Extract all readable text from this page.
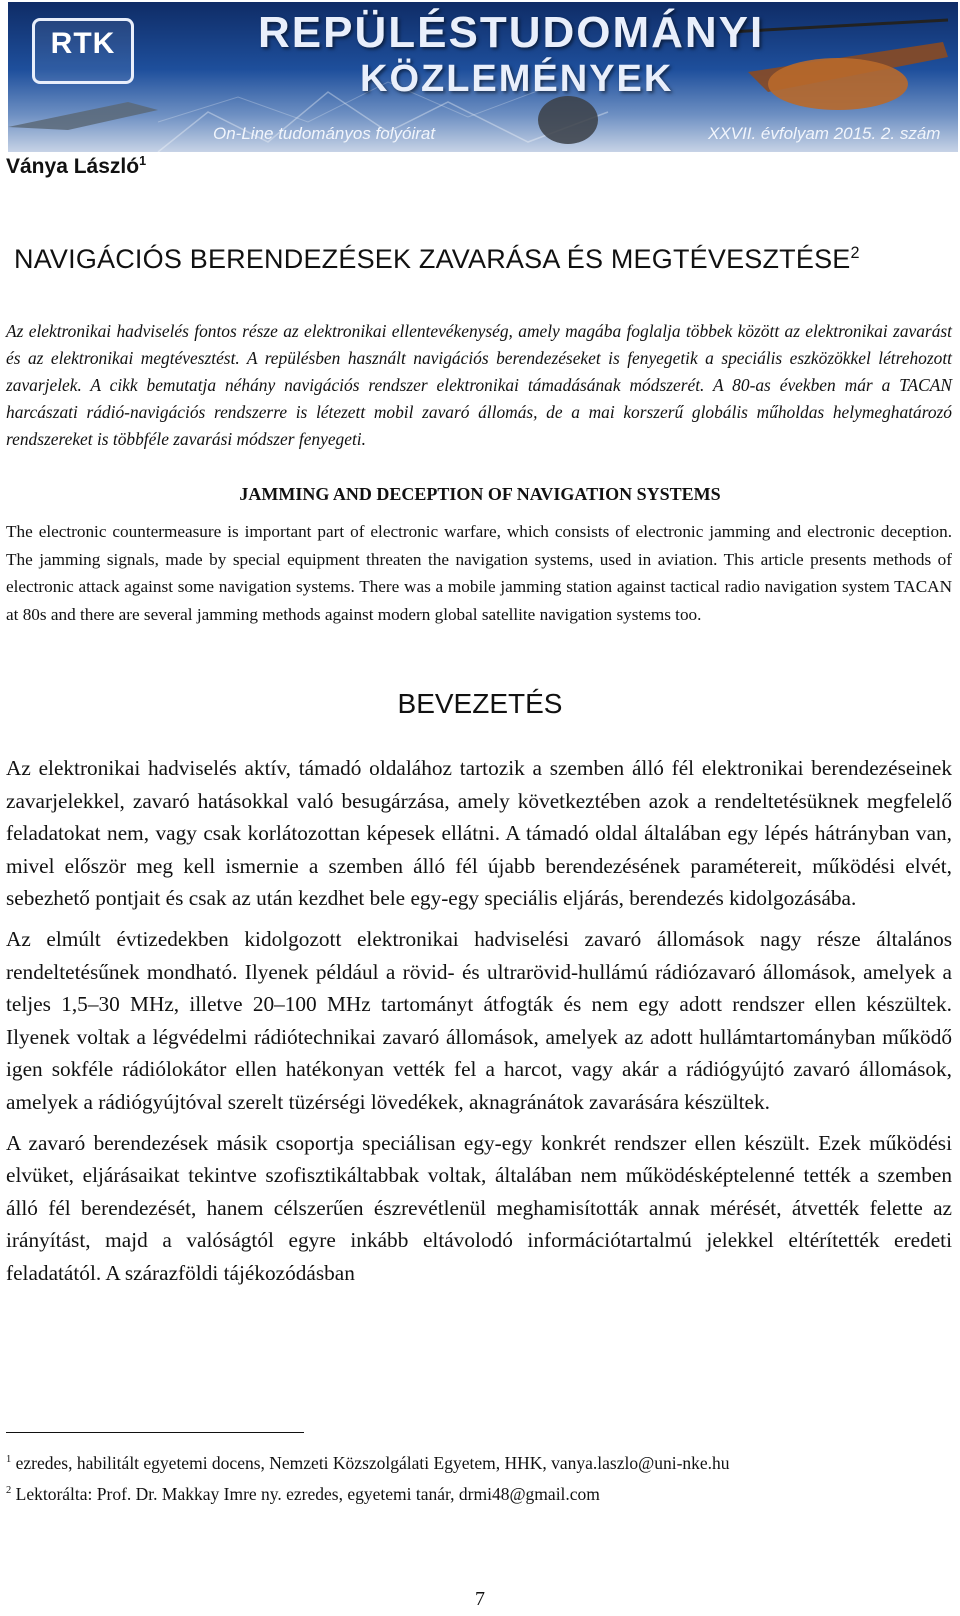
RTK	REPÜLÉSTUDOMÁNYI
KÖZLEMÉNYEK
On-Line tudományos folyóirat	XXVII. évfolyam 2015. 2. szám
Ványa László$^1$
NAVIGÁCIÓS BERENDEZÉSEK ZAVARÁSA ÉS MEGTÉVESZTÉSE$^2$
Az elektronikai hadviselés fontos része az elektronikai ellentevékenység, amely magába foglalja többek között az elektronikai zavarást és az elektronikai megtévesztést. A repülésben használt navigációs berendezéseket is fenyegetik a speciális eszközökkel létrehozott zavarjelek. A cikk bemutatja néhány navigációs rendszer elektronikai támadásának módszerét. A 80-as években már a TACAN harcászati rádió-navigációs rendszerre is létezett mobil zavaró állomás, de a mai korszerű globális műholdas helymeghatározó rendszereket is többféle zavarási módszer fenyegeti.
JAMMING AND DECEPTION OF NAVIGATION SYSTEMS
The electronic countermeasure is important part of electronic warfare, which consists of electronic jamming and electronic deception. The jamming signals, made by special equipment threaten the navigation systems, used in aviation. This article presents methods of electronic attack against some navigation systems. There was a mobile jamming station against tactical radio navigation system TACAN at 80s and there are several jamming methods against modern global satellite navigation systems too.
BEVEZETÉS

Az elektronikai hadviselés aktív, támadó oldalához tartozik a szemben álló fél elektronikai berendezéseinek zavarjelekkel, zavaró hatásokkal való besugárzása, amely következtében azok a rendeltetésüknek megfelelő feladatokat nem, vagy csak korlátozottan képesek ellátni. A támadó oldal általában egy lépés hátrányban van, mivel először meg kell ismernie a szemben álló fél újabb berendezésének paramétereit, működési elvét, sebezhető pontjait és csak az után kezdhet bele egy-egy speciális eljárás, berendezés kidolgozásába.

Az elmúlt évtizedekben kidolgozott elektronikai hadviselési zavaró állomások nagy része általános rendeltetésűnek mondható. Ilyenek például a rövid- és ultrarövid-hullámú rádiózavaró állomások, amelyek a teljes 1,5–30 MHz, illetve 20–100 MHz tartományt átfogták és nem egy adott rendszer ellen készültek. Ilyenek voltak a légvédelmi rádiótechnikai zavaró állomások, amelyek az adott hullámtartományban működő igen sokféle rádiólokátor ellen hatékonyan vették fel a harcot, vagy akár a rádiógyújtó zavaró állomások, amelyek a rádiógyújtóval szerelt tüzérségi lövedékek, aknagránátok zavarására készültek.

A zavaró berendezések másik csoportja speciálisan egy-egy konkrét rendszer ellen készült. Ezek működési elvüket, eljárásaikat tekintve szofisztikáltabbak voltak, általában nem működésképtelenné tették a szemben álló fél berendezését, hanem célszerűen észrevétlenül meghamisították annak mérését, átvették felette az irányítást, majd a valóságtól egyre inkább eltávolodó információtartalmú jelekkel eltérítették eredeti feladatától. A szárazföldi tájékozódásban

$^1$ ezredes, habilitált egyetemi docens, Nemzeti Közszolgálati Egyetem, HHK, vanya.laszlo@uni-nke.hu
$^2$ Lektorálta: Prof. Dr. Makkay Imre ny. ezredes, egyetemi tanár, drmi48@gmail.com
7
